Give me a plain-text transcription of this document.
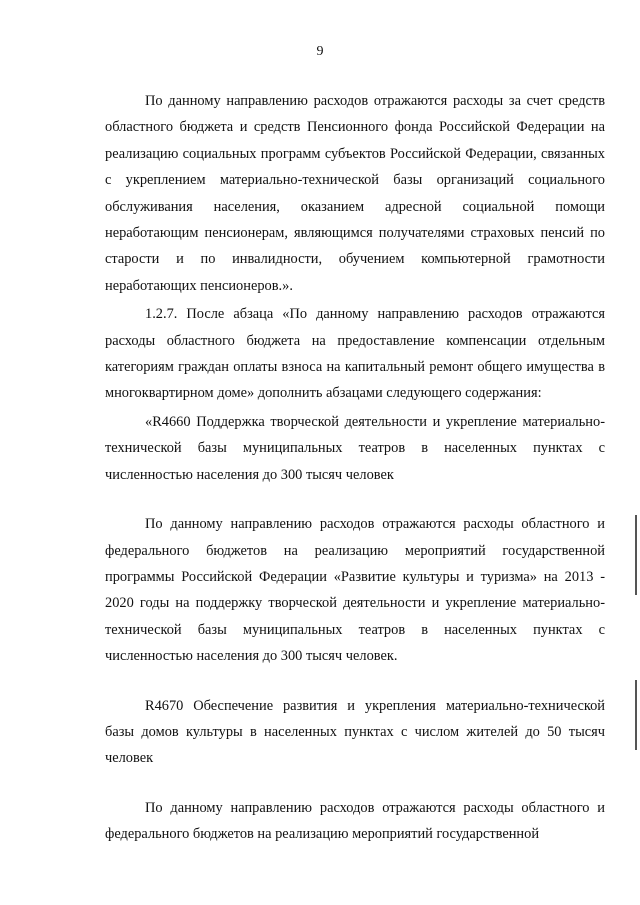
9

По данному направлению расходов отражаются расходы за счет средств областного бюджета и средств Пенсионного фонда Российской Федерации на реализацию социальных программ субъектов Российской Федерации, связанных с укреплением материально-технической базы организаций социального обслуживания населения, оказанием адресной социальной помощи неработающим пенсионерам, являющимся получателями страховых пенсий по старости и по инвалидности, обучением компьютерной грамотности неработающих пенсионеров.».

1.2.7. После абзаца «По данному направлению расходов отражаются расходы областного бюджета на предоставление компенсации отдельным категориям граждан оплаты взноса на капитальный ремонт общего имущества в многоквартирном доме» дополнить абзацами следующего содержания:

«R4660 Поддержка творческой деятельности и укрепление материально-технической базы муниципальных театров в населенных пунктах с численностью населения до 300 тысяч человек

По данному направлению расходов отражаются расходы областного и федерального бюджетов на реализацию мероприятий государственной программы Российской Федерации «Развитие культуры и туризма» на 2013 - 2020 годы на поддержку творческой деятельности и укрепление материально-технической базы муниципальных театров в населенных пунктах с численностью населения до 300 тысяч человек.

R4670 Обеспечение развития и укрепления материально-технической базы домов культуры в населенных пунктах с числом жителей до 50 тысяч человек

По данному направлению расходов отражаются расходы областного и федерального бюджетов на реализацию мероприятий государственной
